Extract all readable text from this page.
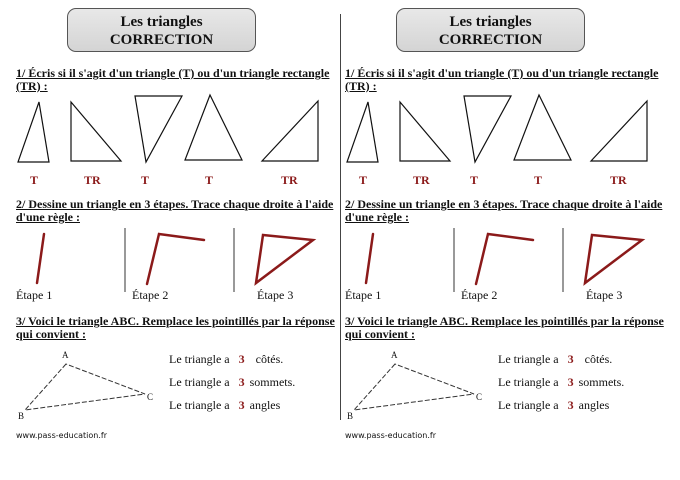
Les triangles
CORRECTION
1/ Écris si il s'agit d'un triangle (T) ou d'un triangle rectangle
(TR) :
T	TR	T	T	TR
2/ Dessine un triangle en 3 étapes. Trace chaque droite à l'aide
d'une règle :
Étape 1	Étape 2	Étape 3
3/ Voici le triangle ABC. Remplace les pointillés par la réponse
qui convient :
A
B
C
Le triangle a 3 côtés.
Le triangle a 3 sommets.
Le triangle a 3 angles
www.pass-education.fr
Les triangles
CORRECTION
1/ Écris si il s'agit d'un triangle (T) ou d'un triangle rectangle
(TR) :
T	TR	T	T	TR
2/ Dessine un triangle en 3 étapes. Trace chaque droite à l'aide
d'une règle :
Étape 1	Étape 2	Étape 3
3/ Voici le triangle ABC. Remplace les pointillés par la réponse
qui convient :
A
B
C
Le triangle a 3 côtés.
Le triangle a 3 sommets.
Le triangle a 3 angles
www.pass-education.fr
